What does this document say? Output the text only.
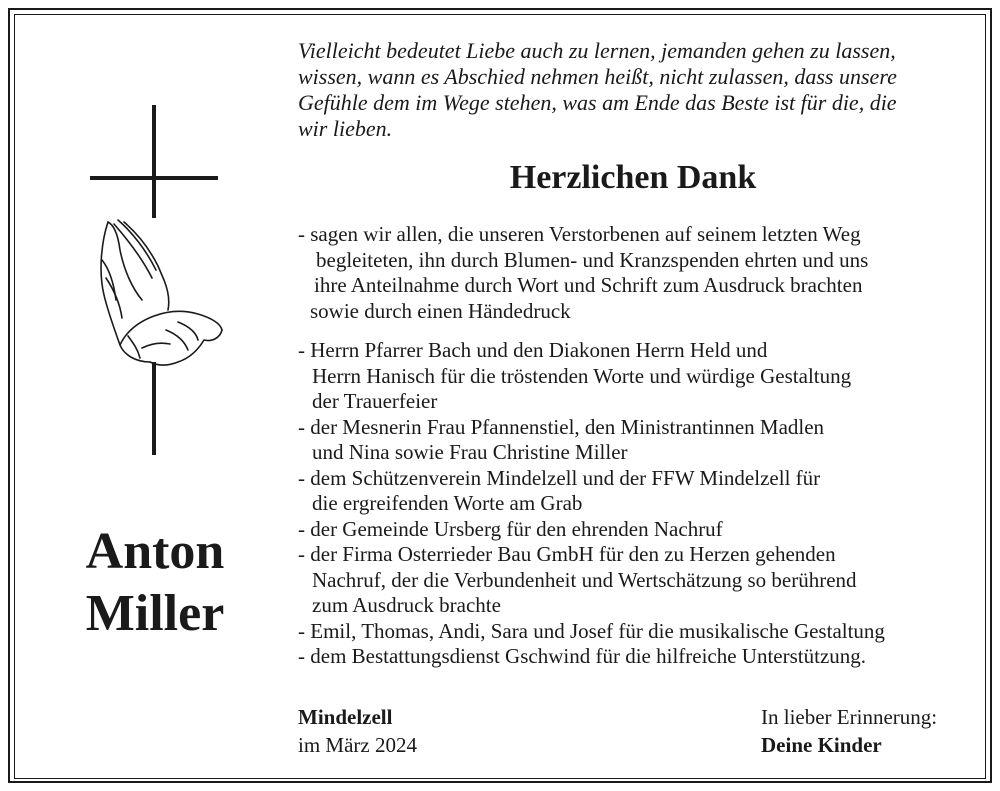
Vielleicht bedeutet Liebe auch zu lernen, jemanden gehen zu lassen,
wissen, wann es Abschied nehmen heißt, nicht zulassen, dass unsere
Gefühle dem im Wege stehen, was am Ende das Beste ist für die, die
wir lieben.
Herzlichen Dank
- sagen wir allen, die unseren Verstorbenen auf seinem letzten Weg
begleiteten, ihn durch Blumen- und Kranzspenden ehrten und uns
ihre Anteilnahme durch Wort und Schrift zum Ausdruck brachten
sowie durch einen Händedruck
- Herrn Pfarrer Bach und den Diakonen Herrn Held und
Herrn Hanisch für die tröstenden Worte und würdige Gestaltung
der Trauerfeier
- der Mesnerin Frau Pfannenstiel, den Ministrantinnen Madlen
und Nina sowie Frau Christine Miller
- dem Schützenverein Mindelzell und der FFW Mindelzell für
die ergreifenden Worte am Grab
- der Gemeinde Ursberg für den ehrenden Nachruf
- der Firma Osterrieder Bau GmbH für den zu Herzen gehenden
Nachruf, der die Verbundenheit und Wertschätzung so berührend
zum Ausdruck brachte
- Emil, Thomas, Andi, Sara und Josef für die musikalische Gestaltung
- dem Bestattungsdienst Gschwind für die hilfreiche Unterstützung.
Anton
Miller
Mindelzell
im März 2024
In lieber Erinnerung:
Deine Kinder
